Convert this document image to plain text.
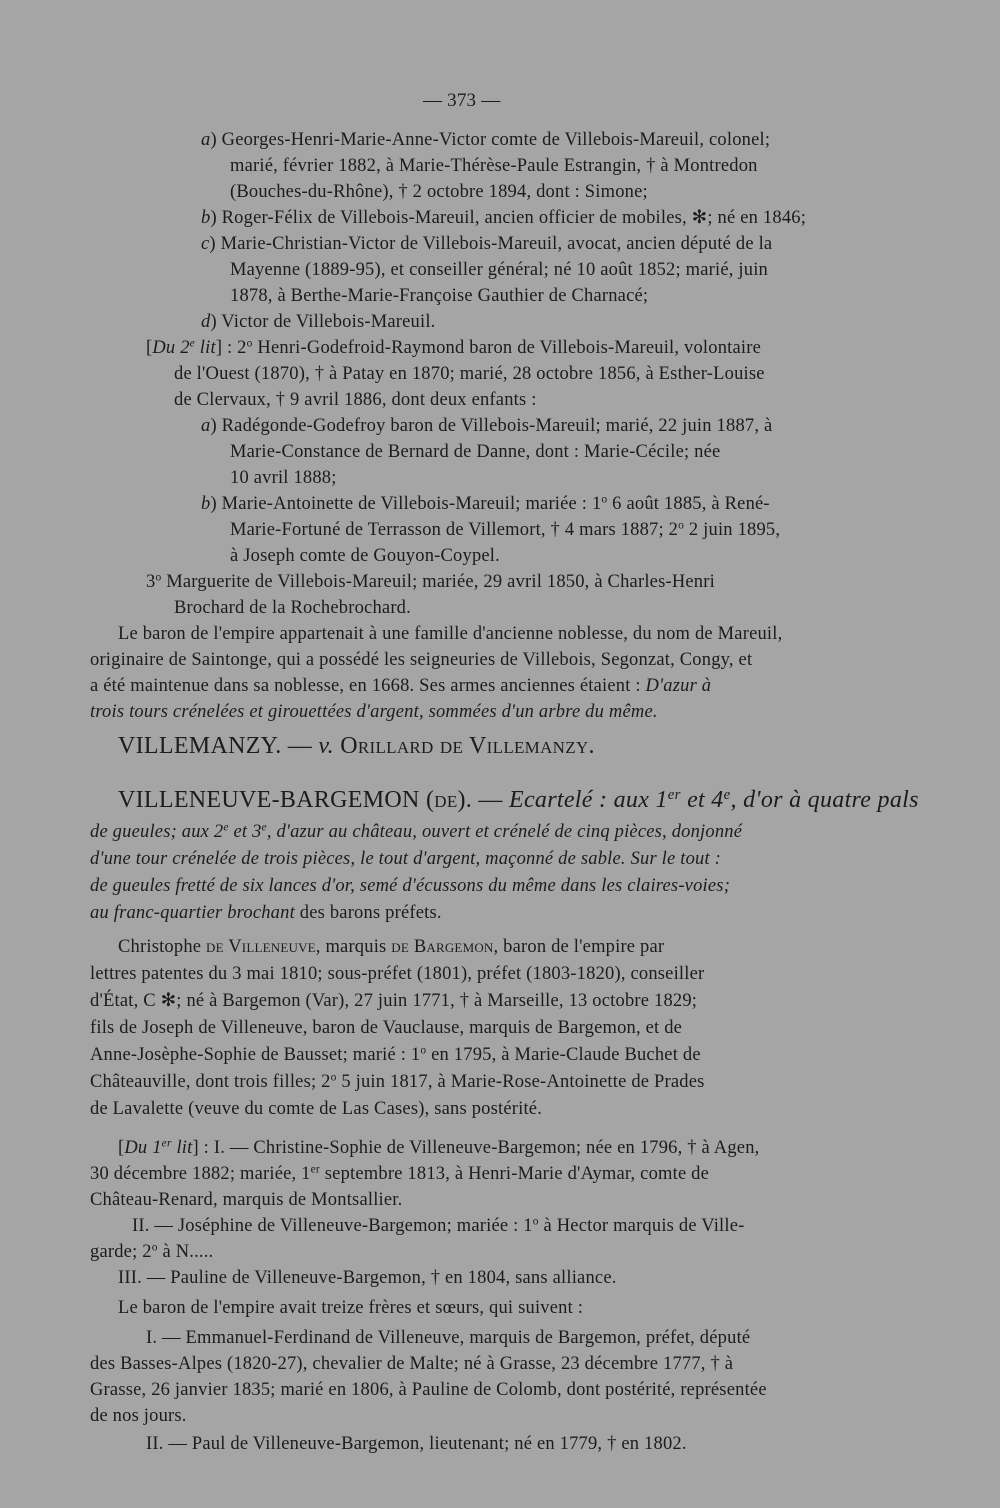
— 373 —
a) Georges-Henri-Marie-Anne-Victor comte de Villebois-Mareuil, colonel;
marié, février 1882, à Marie-Thérèse-Paule Estrangin, † à Montredon
(Bouches-du-Rhône), † 2 octobre 1894, dont : Simone;
b) Roger-Félix de Villebois-Mareuil, ancien officier de mobiles, ✻; né en 1846;
c) Marie-Christian-Victor de Villebois-Mareuil, avocat, ancien député de la
Mayenne (1889-95), et conseiller général; né 10 août 1852; marié, juin
1878, à Berthe-Marie-Françoise Gauthier de Charnacé;
d) Victor de Villebois-Mareuil.
[Du 2e lit] : 2$^o$ Henri-Godefroid-Raymond baron de Villebois-Mareuil, volontaire
de l'Ouest (1870), † à Patay en 1870; marié, 28 octobre 1856, à Esther-Louise
de Clervaux, † 9 avril 1886, dont deux enfants :
a) Radégonde-Godefroy baron de Villebois-Mareuil; marié, 22 juin 1887, à
Marie-Constance de Bernard de Danne, dont : Marie-Cécile; née
10 avril 1888;
b) Marie-Antoinette de Villebois-Mareuil; mariée : 1$^o$ 6 août 1885, à René-
Marie-Fortuné de Terrasson de Villemort, † 4 mars 1887; 2$^o$ 2 juin 1895,
à Joseph comte de Gouyon-Coypel.
3$^o$ Marguerite de Villebois-Mareuil; mariée, 29 avril 1850, à Charles-Henri
Brochard de la Rochebrochard.
Le baron de l'empire appartenait à une famille d'ancienne noblesse, du nom de Mareuil,
originaire de Saintonge, qui a possédé les seigneuries de Villebois, Segonzat, Congy, et
a été maintenue dans sa noblesse, en 1668. Ses armes anciennes étaient : D'azur à
trois tours crénelées et girouettées d'argent, sommées d'un arbre du même.
VILLEMANZY. — v. Orillard de Villemanzy.
VILLENEUVE-BARGEMON (de). — Ecartelé : aux 1er et 4e, d'or à quatre pals
de gueules; aux 2e et 3e, d'azur au château, ouvert et crénelé de cinq pièces, donjonné
d'une tour crénelée de trois pièces, le tout d'argent, maçonné de sable. Sur le tout :
de gueules fretté de six lances d'or, semé d'écussons du même dans les claires-voies;
au franc-quartier brochant des barons préfets.
Christophe de Villeneuve, marquis de Bargemon, baron de l'empire par
lettres patentes du 3 mai 1810; sous-préfet (1801), préfet (1803-1820), conseiller
d'État, C ✻; né à Bargemon (Var), 27 juin 1771, † à Marseille, 13 octobre 1829;
fils de Joseph de Villeneuve, baron de Vauclause, marquis de Bargemon, et de
Anne-Josèphe-Sophie de Bausset; marié : 1$^o$ en 1795, à Marie-Claude Buchet de
Châteauville, dont trois filles; 2$^o$ 5 juin 1817, à Marie-Rose-Antoinette de Prades
de Lavalette (veuve du comte de Las Cases), sans postérité.
[Du 1er lit] : I. — Christine-Sophie de Villeneuve-Bargemon; née en 1796, † à Agen,
30 décembre 1882; mariée, 1er septembre 1813, à Henri-Marie d'Aymar, comte de
Château-Renard, marquis de Montsallier.
II. — Joséphine de Villeneuve-Bargemon; mariée : 1$^o$ à Hector marquis de Ville-
garde; 2$^o$ à N.....
III. — Pauline de Villeneuve-Bargemon, † en 1804, sans alliance.
Le baron de l'empire avait treize frères et sœurs, qui suivent :
I. — Emmanuel-Ferdinand de Villeneuve, marquis de Bargemon, préfet, député
des Basses-Alpes (1820-27), chevalier de Malte; né à Grasse, 23 décembre 1777, † à
Grasse, 26 janvier 1835; marié en 1806, à Pauline de Colomb, dont postérité, représentée
de nos jours.
II. — Paul de Villeneuve-Bargemon, lieutenant; né en 1779, † en 1802.
